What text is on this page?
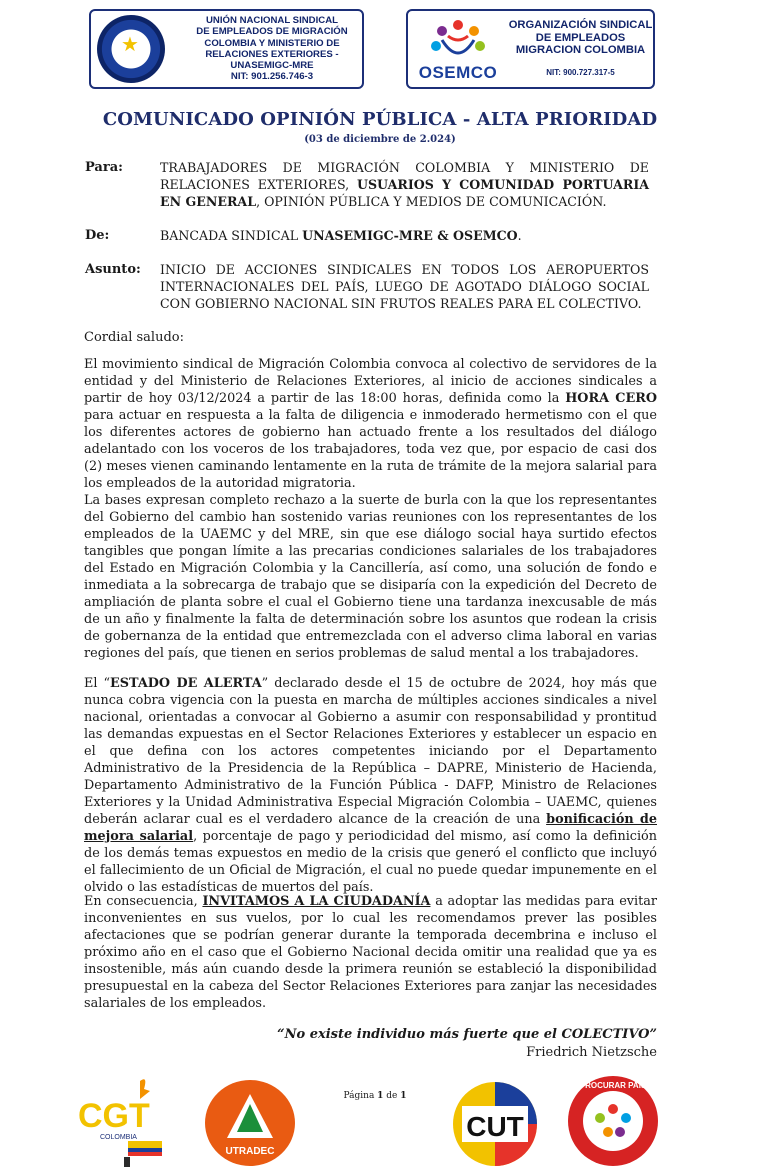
★
UNIÓN NACIONAL SINDICAL
DE EMPLEADOS DE MIGRACIÓN
COLOMBIA Y MINISTERIO DE
RELACIONES EXTERIORES -
UNASEMIGC-MRE
NIT: 901.256.746-3	OSEMCO
ORGANIZACIÓN SINDICAL
DE EMPLEADOS
MIGRACION COLOMBIA
NIT: 900.727.317-5
COMUNICADO OPINIÓN PÚBLICA - ALTA PRIORIDAD
(03 de diciembre de 2.024)
Para:	TRABAJADORES DE MIGRACIÓN COLOMBIA Y MINISTERIO DE RELACIONES EXTERIORES, USUARIOS Y COMUNIDAD PORTUARIA EN GENERAL, OPINIÓN PÚBLICA Y MEDIOS DE COMUNICACIÓN.
De:	BANCADA SINDICAL UNASEMIGC-MRE & OSEMCO.
Asunto: INICIO DE ACCIONES SINDICALES EN TODOS LOS AEROPUERTOS INTERNACIONALES DEL PAÍS, LUEGO DE AGOTADO DIÁLOGO SOCIAL CON GOBIERNO NACIONAL SIN FRUTOS REALES PARA EL COLECTIVO.
Cordial saludo:

El movimiento sindical de Migración Colombia convoca al colectivo de servidores de la entidad y del Ministerio de Relaciones Exteriores, al inicio de acciones sindicales a partir de hoy 03/12/2024 a partir de las 18:00 horas, definida como la HORA CERO para actuar en respuesta a la falta de diligencia e inmoderado hermetismo con el que los diferentes actores de gobierno han actuado frente a los resultados del diálogo adelantado con los voceros de los trabajadores, toda vez que, por espacio de casi dos (2) meses vienen caminando lentamente en la ruta de trámite de la mejora salarial para los empleados de la autoridad migratoria.

La bases expresan completo rechazo a la suerte de burla con la que los representantes del Gobierno del cambio han sostenido varias reuniones con los representantes de los empleados de la UAEMC y del MRE, sin que ese diálogo social haya surtido efectos tangibles que pongan límite a las precarias condiciones salariales de los trabajadores del Estado en Migración Colombia y la Cancillería, así como, una solución de fondo e inmediata a la sobrecarga de trabajo que se disiparía con la expedición del Decreto de ampliación de planta sobre el cual el Gobierno tiene una tardanza inexcusable de más de un año y finalmente la falta de determinación sobre los asuntos que rodean la crisis de gobernanza de la entidad que entremezclada con el adverso clima laboral en varias regiones del país, que tienen en serios problemas de salud mental a los trabajadores.

El “ESTADO DE ALERTA” declarado desde el 15 de octubre de 2024, hoy más que nunca cobra vigencia con la puesta en marcha de múltiples acciones sindicales a nivel nacional, orientadas a convocar al Gobierno a asumir con responsabilidad y prontitud las demandas expuestas en el Sector Relaciones Exteriores y establecer un espacio en el que defina con los actores competentes iniciando por el Departamento Administrativo de la Presidencia de la República – DAPRE, Ministerio de Hacienda, Departamento Administrativo de la Función Pública - DAFP, Ministro de Relaciones Exteriores y la Unidad Administrativa Especial Migración Colombia – UAEMC, quienes deberán aclarar cual es el verdadero alcance de la creación de una bonificación de mejora salarial, porcentaje de pago y periodicidad del mismo, así como la definición de los demás temas expuestos en medio de la crisis que generó el conflicto que incluyó el fallecimiento de un Oficial de Migración, el cual no puede quedar impunemente en el olvido o las estadísticas de muertos del país.

En consecuencia, INVITAMOS A LA CIUDADANÍA a adoptar las medidas para evitar inconvenientes en sus vuelos, por lo cual les recomendamos prever las posibles afectaciones que se podrían generar durante la temporada decembrina e incluso el próximo año en el caso que el Gobierno Nacional decida omitir una realidad que ya es insostenible, más aún cuando desde la primera reunión se estableció la disponibilidad presupuestal en la cabeza del Sector Relaciones Exteriores para zanjar las necesidades salariales de los empleados.

“No existe individuo más fuerte que el COLECTIVO”
Friedrich Nietzsche
CGT
COLOMBIA
UTRADEC
Página 1 de 1
CUT
PROCURAR PAÍS
